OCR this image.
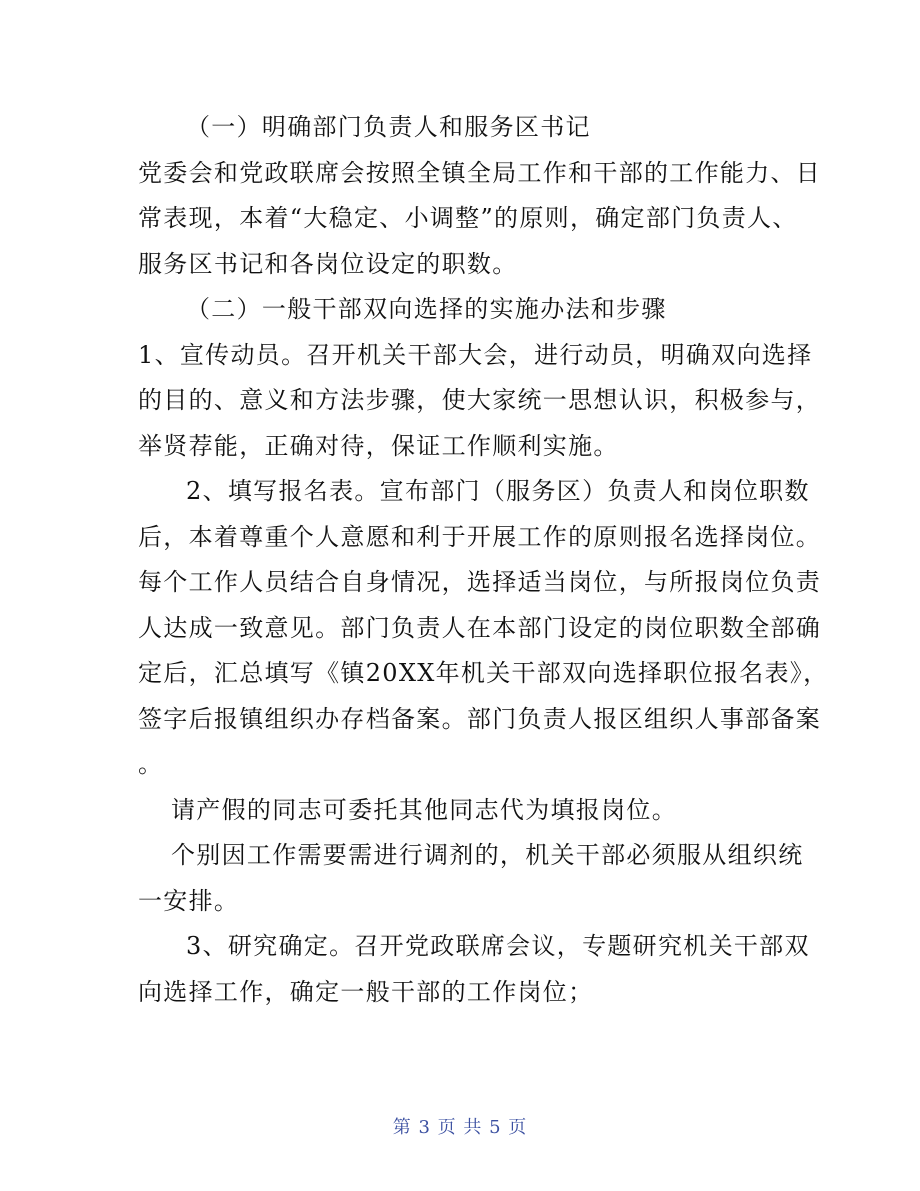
（一）明确部门负责人和服务区书记

党委会和党政联席会按照全镇全局工作和干部的工作能力、日

常表现，本着“大稳定、小调整”的原则，确定部门负责人、

服务区书记和各岗位设定的职数。

（二）一般干部双向选择的实施办法和步骤

1、宣传动员。召开机关干部大会，进行动员，明确双向选择

的目的、意义和方法步骤，使大家统一思想认识，积极参与，

举贤荐能，正确对待，保证工作顺利实施。

2、填写报名表。宣布部门（服务区）负责人和岗位职数

后，本着尊重个人意愿和利于开展工作的原则报名选择岗位。

每个工作人员结合自身情况，选择适当岗位，与所报岗位负责

人达成一致意见。部门负责人在本部门设定的岗位职数全部确

定后，汇总填写《镇20XX年机关干部双向选择职位报名表》，

签字后报镇组织办存档备案。部门负责人报区组织人事部备案

。

请产假的同志可委托其他同志代为填报岗位。

个别因工作需要需进行调剂的，机关干部必须服从组织统

一安排。

3、研究确定。召开党政联席会议，专题研究机关干部双

向选择工作，确定一般干部的工作岗位；

第 3 页 共 5 页
